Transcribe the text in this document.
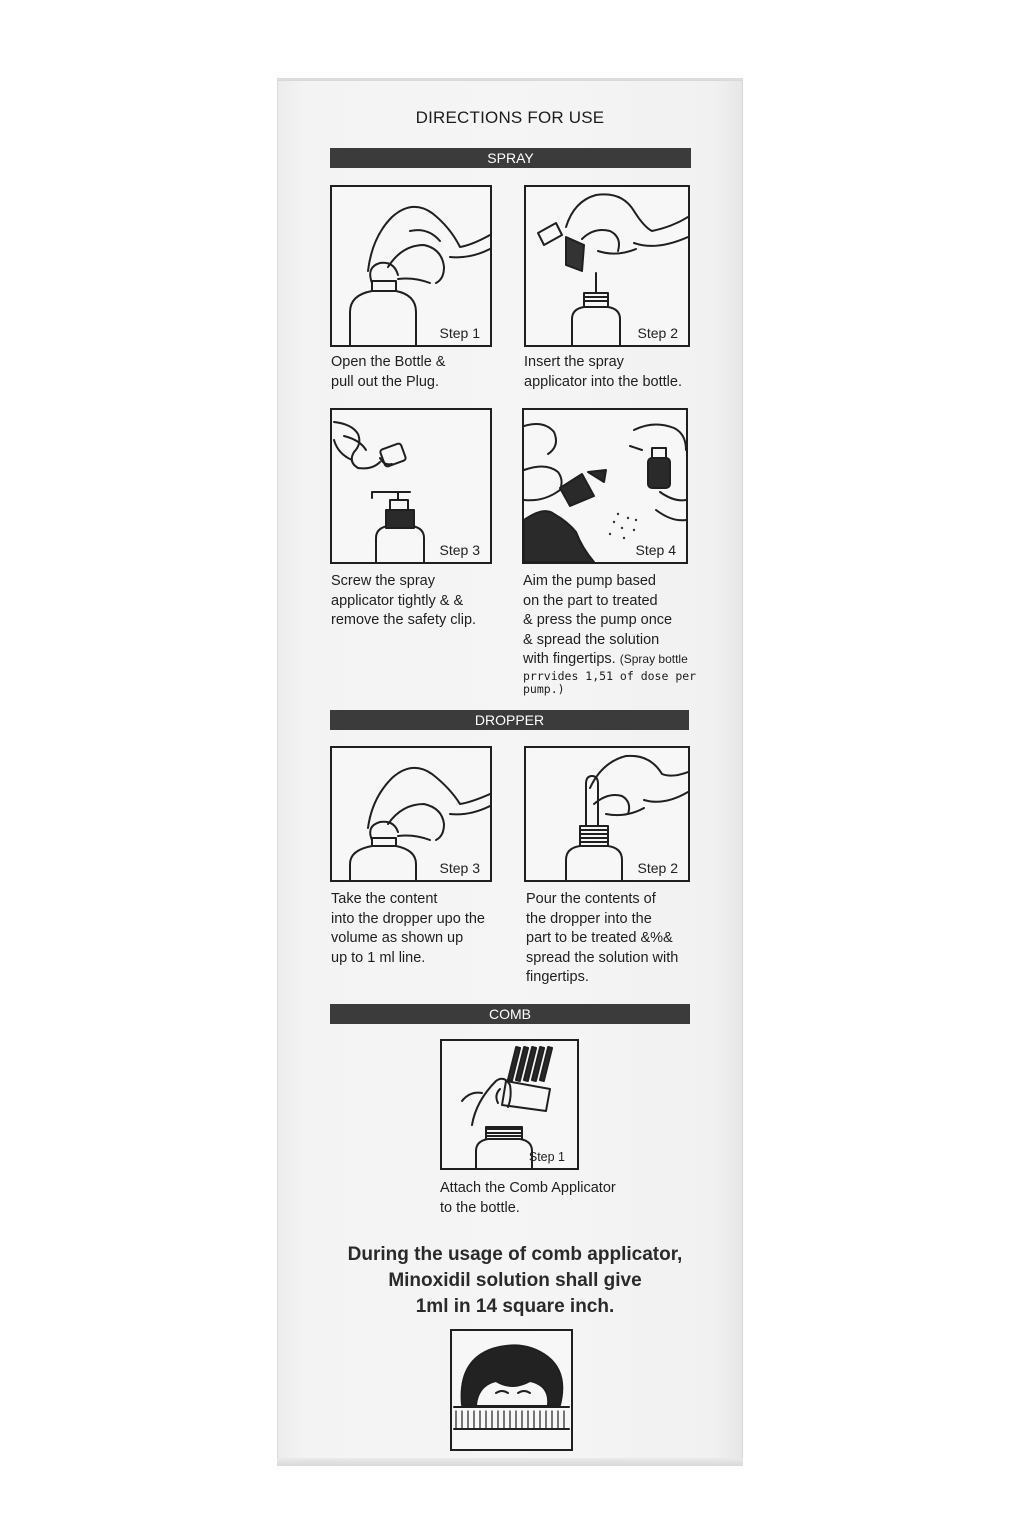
DIRECTIONS FOR USE
SPRAY
Step 1
Open the Bottle &
pull out the Plug.
Step 2
Insert the spray
applicator into the bottle.
Step 3
Screw the spray
applicator tightly & &
remove the safety clip.
Step 4
Aim the pump based
on the part to treated
& press the pump once
& spread the solution
with fingertips. (Spray bottle
prrvides 1,51 of dose per
pump.)
DROPPER
Step 3
Take the content
into the dropper upo the
volume as shown up
up to 1 ml line.
Step 2
Pour the contents of
the dropper into the
part to be treated &%&
spread the solution with
fingertips.
COMB
Step 1
Attach the Comb Applicator
to the bottle.
During the usage of comb applicator,
Minoxidil solution shall give
1ml in 14 square inch.
